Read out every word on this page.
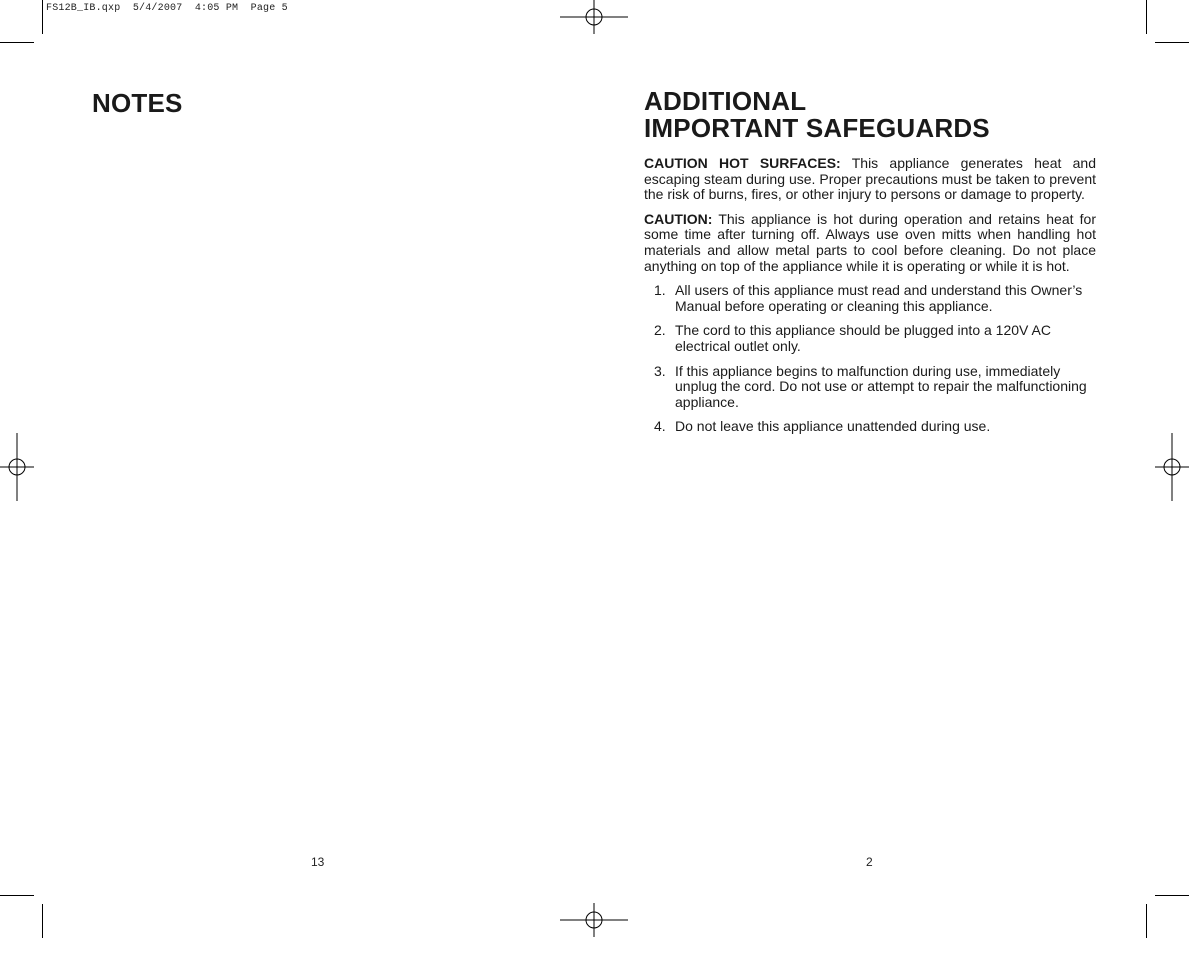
FS12B_IB.qxp  5/4/2007  4:05 PM  Page 5
NOTES
13
ADDITIONAL
IMPORTANT SAFEGUARDS

CAUTION HOT SURFACES: This appliance generates heat and escaping steam during use. Proper precautions must be taken to prevent the risk of burns, fires, or other injury to persons or damage to property.

CAUTION: This appliance is hot during operation and retains heat for some time after turning off. Always use oven mitts when handling hot materials and allow metal parts to cool before cleaning. Do not place anything on top of the appliance while it is operating or while it is hot.

1. All users of this appliance must read and understand this Owner’s Manual before operating or cleaning this appliance.
2. The cord to this appliance should be plugged into a 120V AC electrical outlet only.
3. If this appliance begins to malfunction during use, immediately unplug the cord. Do not use or attempt to repair the malfunctioning appliance.
4. Do not leave this appliance unattended during use.
2
